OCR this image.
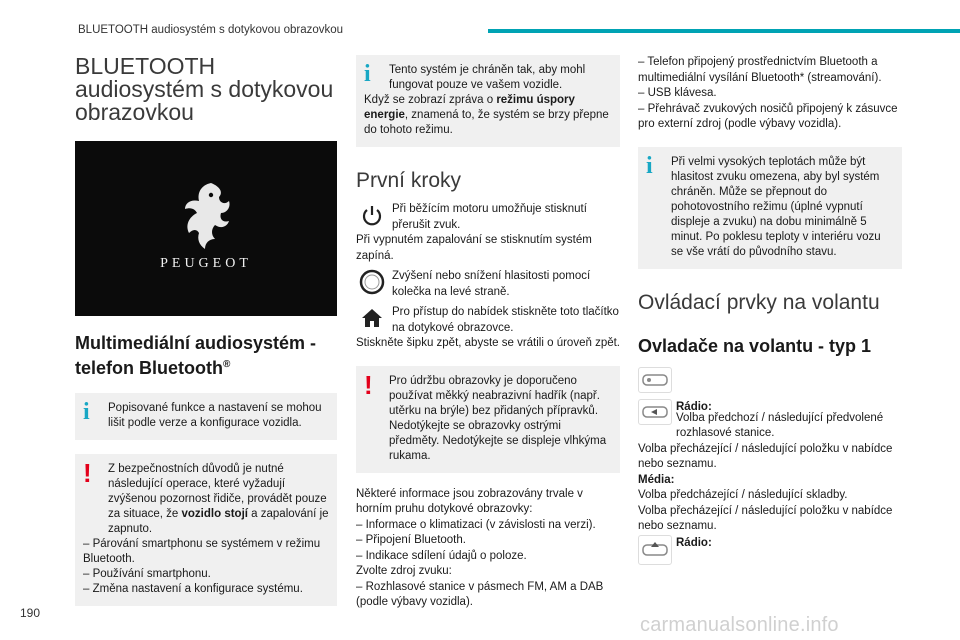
BLUETOOTH audiosystém s dotykovou obrazovkou
BLUETOOTH audiosystém s dotykovou obrazovkou
PEUGEOT
Multimediální audiosystém - telefon Bluetooth®
i	Popisované funkce a nastavení se mohou lišit podle verze a konfigurace vozidla.
!	Z bezpečnostních důvodů je nutné následující operace, které vyžadují zvýšenou pozornost řidiče, provádět pouze za situace, že vozidlo stojí a zapalování je zapnuto.
– Párování smartphonu se systémem v režimu Bluetooth.
– Používání smartphonu.
– Změna nastavení a konfigurace systému.
i	Tento systém je chráněn tak, aby mohl fungovat pouze ve vašem vozidle.
Když se zobrazí zpráva o režimu úspory energie, znamená to, že systém se brzy přepne do tohoto režimu.
První kroky
Při běžícím motoru umožňuje stisknutí přerušit zvuk.
Při vypnutém zapalování se stisknutím systém zapíná.
Zvýšení nebo snížení hlasitosti pomocí kolečka na levé straně.
Pro přístup do nabídek stiskněte toto tlačítko na dotykové obrazovce.
Stiskněte šipku zpět, abyste se vrátili o úroveň zpět.
!	Pro údržbu obrazovky je doporučeno používat měkký neabrazivní hadřík (např. utěrku na brýle) bez přidaných přípravků. Nedotýkejte se obrazovky ostrými předměty. Nedotýkejte se displeje vlhkýma rukama.
Některé informace jsou zobrazovány trvale v horním pruhu dotykové obrazovky:
– Informace o klimatizaci (v závislosti na verzi).
– Připojení Bluetooth.
– Indikace sdílení údajů o poloze.
Zvolte zdroj zvuku:
– Rozhlasové stanice v pásmech FM, AM a DAB (podle výbavy vozidla).
– Telefon připojený prostřednictvím Bluetooth a multimediální vysílání Bluetooth* (streamování).
– USB klávesa.
– Přehrávač zvukových nosičů připojený k zásuvce pro externí zdroj (podle výbavy vozidla).
i	Při velmi vysokých teplotách může být hlasitost zvuku omezena, aby byl systém chráněn. Může se přepnout do pohotovostního režimu (úplné vypnutí displeje a zvuku) na dobu minimálně 5 minut. Po poklesu teploty v interiéru vozu se vše vrátí do původního stavu.
Ovládací prvky na volantu
Ovladače na volantu - typ 1
Rádio:
Volba předchozí / následující předvolené rozhlasové stanice.
Volba přecházející / následující položku v nabídce nebo seznamu.
Média:
Volba předcházející / následující skladby.
Volba přecházející / následující položku v nabídce nebo seznamu.
Rádio:
190
carmanualsonline.info
